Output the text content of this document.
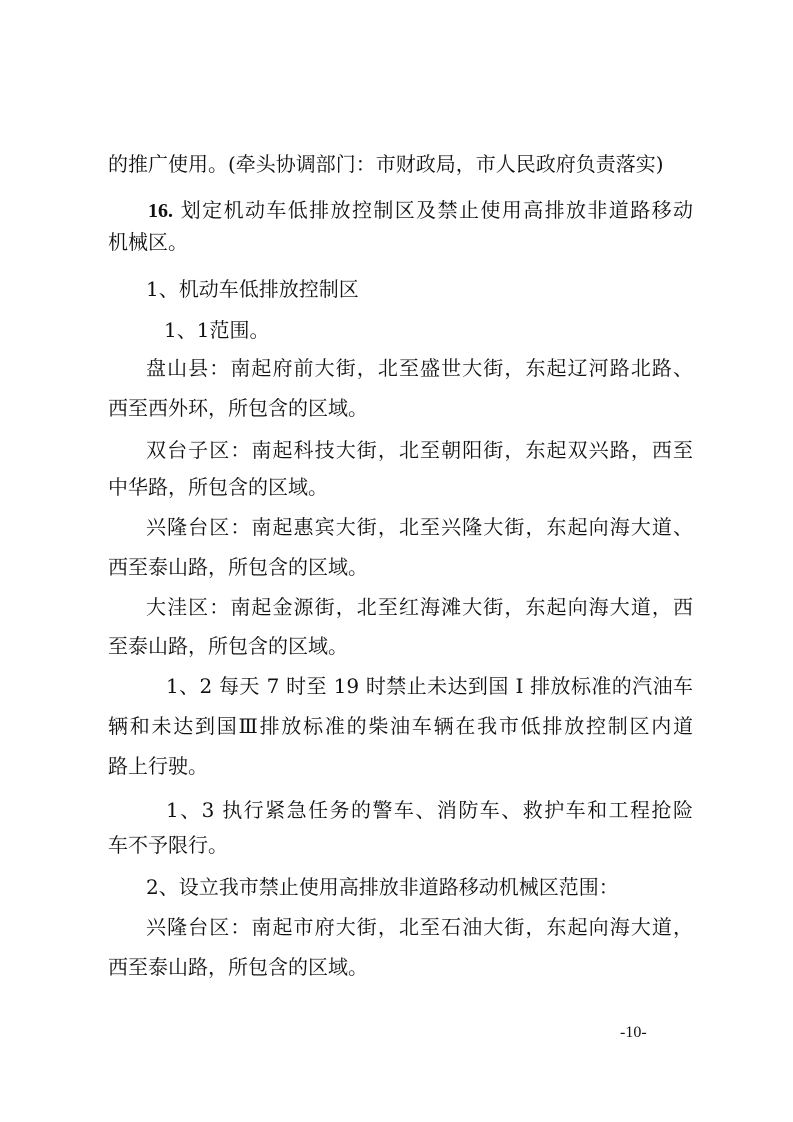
的推广使用。(牵头协调部门：市财政局，市人民政府负责落实)
16. 划定机动车低排放控制区及禁止使用高排放非道路移动
机械区。
1、机动车低排放控制区
1、1范围。
盘山县：南起府前大街，北至盛世大街，东起辽河路北路、
西至西外环，所包含的区域。
双台子区：南起科技大街，北至朝阳街，东起双兴路，西至
中华路，所包含的区域。
兴隆台区：南起惠宾大街，北至兴隆大街，东起向海大道、
西至泰山路，所包含的区域。
大洼区：南起金源街，北至红海滩大街，东起向海大道，西
至泰山路，所包含的区域。
1、2 每天 7 时至 19 时禁止未达到国 I 排放标准的汽油车
辆和未达到国Ⅲ排放标准的柴油车辆在我市低排放控制区内道
路上行驶。
1、3 执行紧急任务的警车、消防车、救护车和工程抢险
车不予限行。
2、设立我市禁止使用高排放非道路移动机械区范围：
兴隆台区：南起市府大街，北至石油大街，东起向海大道，
西至泰山路，所包含的区域。
-10-
